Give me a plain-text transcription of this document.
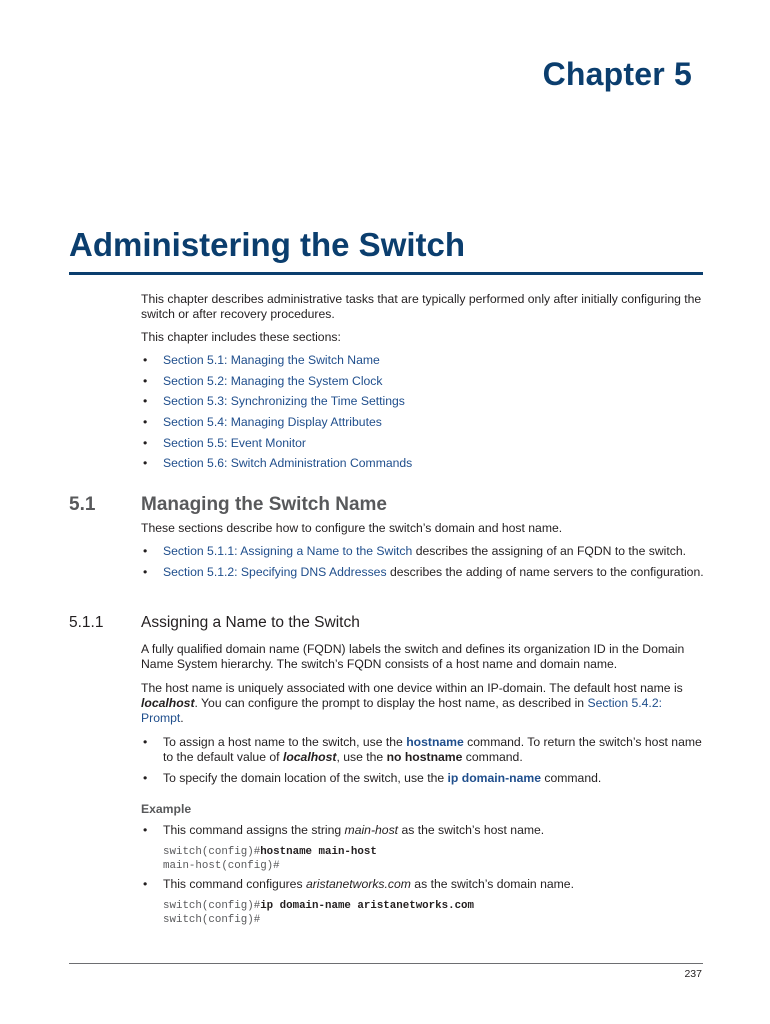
Chapter 5
Administering the Switch

This chapter describes administrative tasks that are typically performed only after initially configuring the switch or after recovery procedures.

This chapter includes these sections:

• Section 5.1: Managing the Switch Name
• Section 5.2: Managing the System Clock
• Section 5.3: Synchronizing the Time Settings
• Section 5.4: Managing Display Attributes
• Section 5.5: Event Monitor
• Section 5.6: Switch Administration Commands
5.1 Managing the Switch Name

These sections describe how to configure the switch’s domain and host name.

• Section 5.1.1: Assigning a Name to the Switch describes the assigning of an FQDN to the switch.
• Section 5.1.2: Specifying DNS Addresses describes the adding of name servers to the configuration.
5.1.1 Assigning a Name to the Switch

A fully qualified domain name (FQDN) labels the switch and defines its organization ID in the Domain Name System hierarchy. The switch’s FQDN consists of a host name and domain name.

The host name is uniquely associated with one device within an IP-domain. The default host name is localhost. You can configure the prompt to display the host name, as described in Section 5.4.2: Prompt.

• To assign a host name to the switch, use the hostname command. To return the switch’s host name to the default value of localhost, use the no hostname command.
• To specify the domain location of the switch, use the ip domain-name command.
Example
• This command assigns the string main-host as the switch’s host name.
switch(config)#hostname main-host
main-host(config)#
• This command configures aristanetworks.com as the switch’s domain name.
switch(config)#ip domain-name aristanetworks.com
switch(config)#
237
